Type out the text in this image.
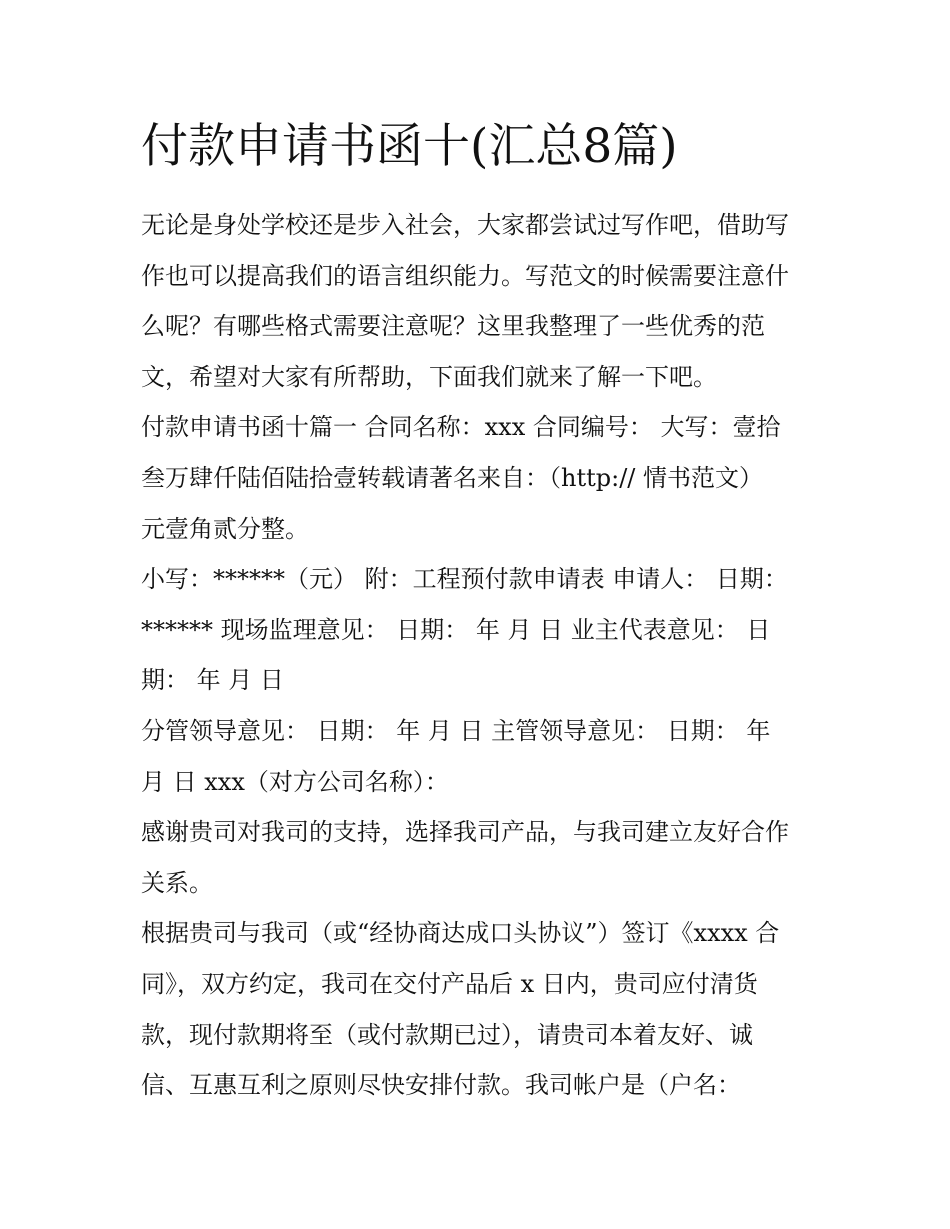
付款申请书函十(汇总8篇)

无论是身处学校还是步入社会，大家都尝试过写作吧，借助写
作也可以提高我们的语言组织能力。写范文的时候需要注意什
么呢？有哪些格式需要注意呢？这里我整理了一些优秀的范
文，希望对大家有所帮助，下面我们就来了解一下吧。

付款申请书函十篇一 合同名称：xxx 合同编号： 大写：壹拾
叁万肆仟陆佰陆拾壹转载请著名来自：（http:// 情书范文）
元壹角贰分整。

小写：******（元） 附：工程预付款申请表 申请人： 日期：
****** 现场监理意见： 日期： 年 月 日 业主代表意见： 日
期： 年 月 日

分管领导意见： 日期： 年 月 日 主管领导意见： 日期： 年
月 日 xxx（对方公司名称）：

感谢贵司对我司的支持，选择我司产品，与我司建立友好合作
关系。

根据贵司与我司（或“经协商达成口头协议”）签订《xxxx 合
同》，双方约定，我司在交付产品后 x 日内，贵司应付清货
款，现付款期将至（或付款期已过），请贵司本着友好、诚
信、互惠互利之原则尽快安排付款。我司帐户是（户名：
